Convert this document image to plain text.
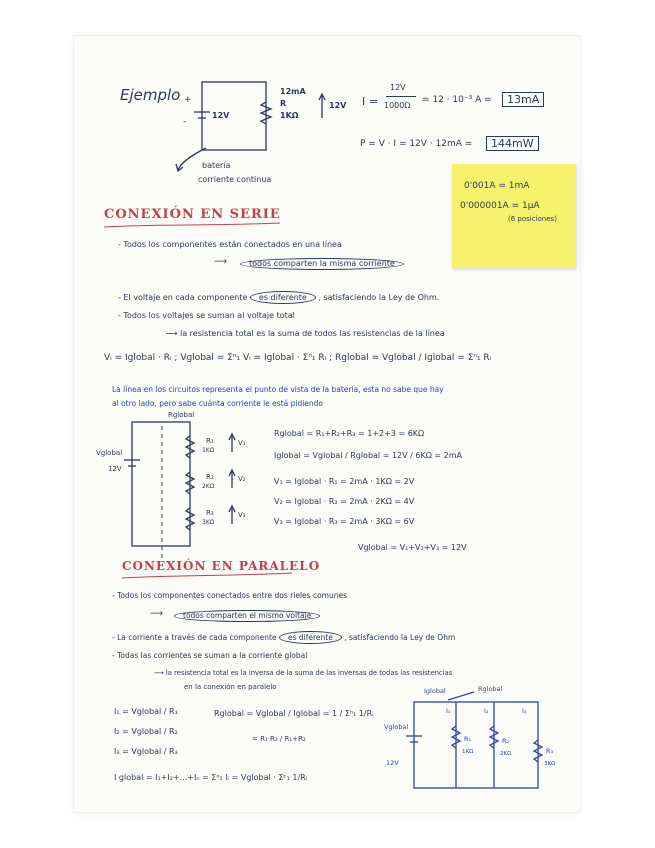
Ejemplo +
-
12V
12mA
R
1KΩ
12V
batería
corriente continua
I =
12V
1000Ω
= 12 · 10⁻³ A =	13mA
P = V · I = 12V · 12mA =	144mW
0'001A = 1mA
0'000001A = 1μA
(6 posiciones)
CONEXIÓN EN SERIE
- Todos los componentes están conectados en una línea
⟶	todos comparten la misma corriente
- El voltaje en cada componente es diferente , satisfaciendo la Ley de Ohm.
- Todos los voltajes se suman al voltaje total
⟶ la resistencia total es la suma de todos las resistencias de la línea
Vᵢ = Iglobal · Rᵢ ; Vglobal = Σⁿ₁ Vᵢ = Iglobal · Σⁿ₁ Rᵢ ; Rglobal = Vglobal / Iglobal = Σⁿ₁ Rᵢ
La línea en los circuitos representa el punto de vista de la batería, esta no sabe que hay
al otro lado, pero sabe cuánta corriente le está pidiendo
Rglobal
Vglobal
12V
R₁
1KΩ
V₁
R₂
2KΩ
V₂
R₃
3KΩ
V₃
Rglobal = R₁+R₂+R₃ = 1+2+3 = 6KΩ
Iglobal = Vglobal / Rglobal = 12V / 6KΩ = 2mA
V₁ = Iglobal · R₁ = 2mA · 1KΩ = 2V
V₂ = Iglobal · R₂ = 2mA · 2KΩ = 4V
V₃ = Iglobal · R₃ = 2mA · 3KΩ = 6V
Vglobal = V₁+V₂+V₃ = 12V
CONEXIÓN EN PARALELO
- Todos los componentes conectados entre dos rieles comunes
⟶	todos comparten el mismo voltaje
- La corriente a través de cada componente es diferente , satisfaciendo la Ley de Ohm
- Todas las corrientes se suman a la corriente global
⟶ la resistencia total es la inversa de la suma de las inversas de todas las resistencias
en la conexión en paralelo
I₁ = Vglobal / R₁
I₂ = Vglobal / R₂
I₃ = Vglobal / R₃
Rglobal = Vglobal / Iglobal = 1 / Σⁿ₁ 1/Rᵢ
= R₁·R₂ / R₁+R₂
I global = I₁+I₂+...+Iₙ = Σⁿ₁ Iᵢ = Vglobal · Σⁿ₁ 1/Rᵢ
Iglobal	Rglobal
I₁	I₂	I₃
Vglobal
12V
R₁
1KΩ
R₂
2KΩ	R₃
3KΩ
